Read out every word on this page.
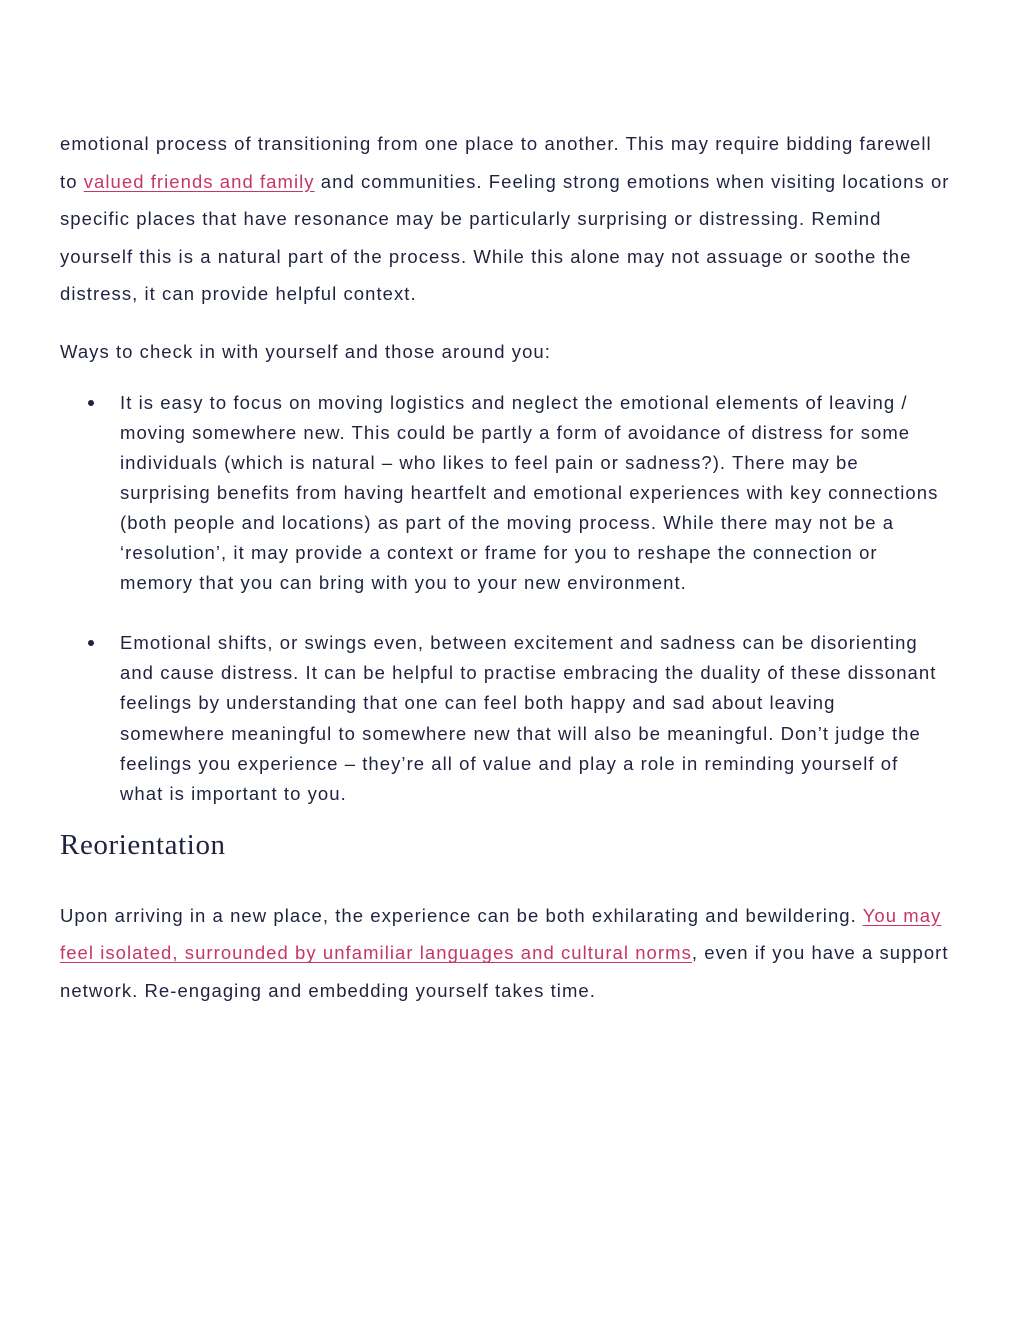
emotional process of transitioning from one place to another. This may require bidding farewell to valued friends and family and communities. Feeling strong emotions when visiting locations or specific places that have resonance may be particularly surprising or distressing. Remind yourself this is a natural part of the process. While this alone may not assuage or soothe the distress, it can provide helpful context.

Ways to check in with yourself and those around you:

It is easy to focus on moving logistics and neglect the emotional elements of leaving / moving somewhere new. This could be partly a form of avoidance of distress for some individuals (which is natural – who likes to feel pain or sadness?). There may be surprising benefits from having heartfelt and emotional experiences with key connections (both people and locations) as part of the moving process. While there may not be a ‘resolution’, it may provide a context or frame for you to reshape the connection or memory that you can bring with you to your new environment.
Emotional shifts, or swings even, between excitement and sadness can be disorienting and cause distress. It can be helpful to practise embracing the duality of these dissonant feelings by understanding that one can feel both happy and sad about leaving somewhere meaningful to somewhere new that will also be meaningful. Don’t judge the feelings you experience – they’re all of value and play a role in reminding yourself of what is important to you.
Reorientation

Upon arriving in a new place, the experience can be both exhilarating and bewildering. You may feel isolated, surrounded by unfamiliar languages and cultural norms, even if you have a support network. Re-engaging and embedding yourself takes time.
